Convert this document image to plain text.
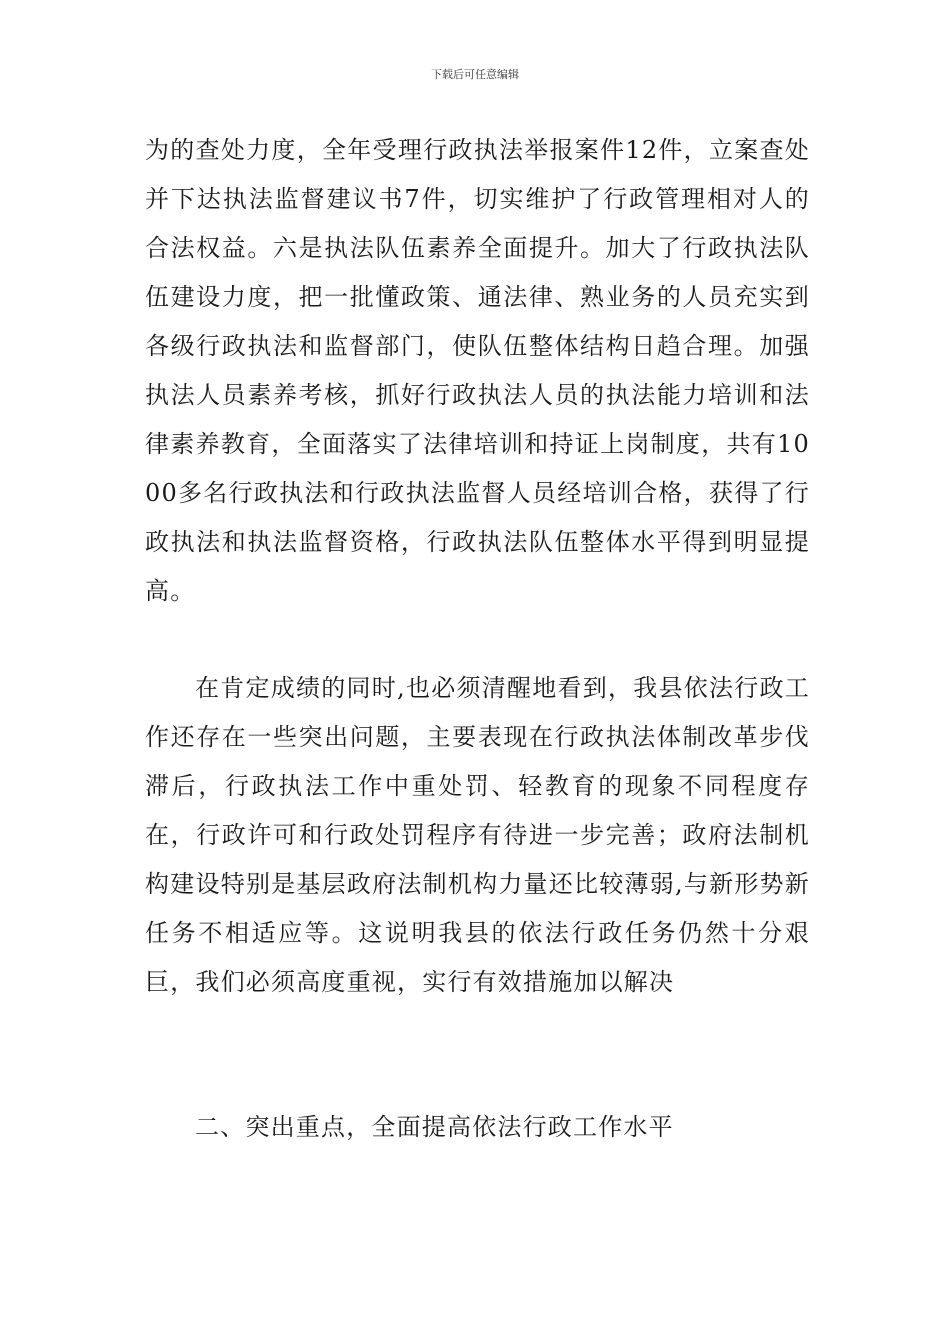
下载后可任意编辑

为的查处力度，全年受理行政执法举报案件12件，立案查处并下达执法监督建议书7件，切实维护了行政管理相对人的合法权益。六是执法队伍素养全面提升。加大了行政执法队伍建设力度，把一批懂政策、通法律、熟业务的人员充实到各级行政执法和监督部门，使队伍整体结构日趋合理。加强执法人员素养考核，抓好行政执法人员的执法能力培训和法律素养教育，全面落实了法律培训和持证上岗制度，共有1000多名行政执法和行政执法监督人员经培训合格，获得了行政执法和执法监督资格，行政执法队伍整体水平得到明显提高。

在肯定成绩的同时,也必须清醒地看到，我县依法行政工作还存在一些突出问题，主要表现在行政执法体制改革步伐滞后，行政执法工作中重处罚、轻教育的现象不同程度存在，行政许可和行政处罚程序有待进一步完善；政府法制机构建设特别是基层政府法制机构力量还比较薄弱,与新形势新任务不相适应等。这说明我县的依法行政任务仍然十分艰巨，我们必须高度重视，实行有效措施加以解决

二、突出重点，全面提高依法行政工作水平
